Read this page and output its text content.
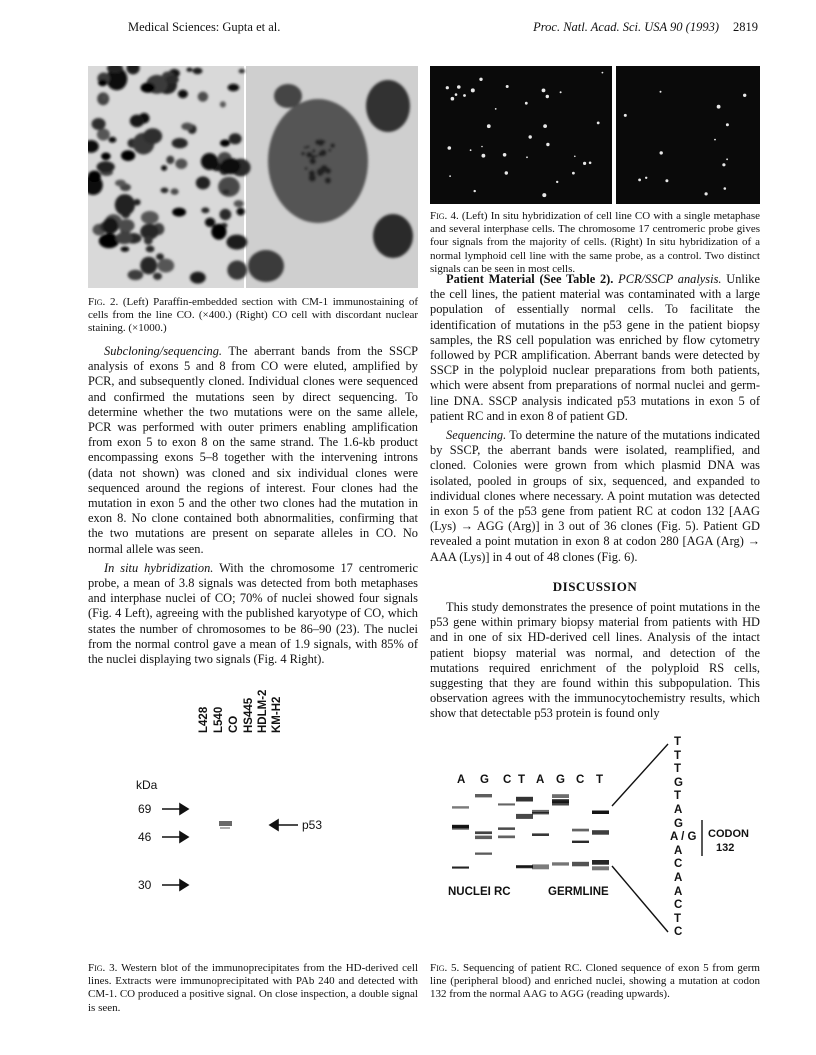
Medical Sciences: Gupta et al.	Proc. Natl. Acad. Sci. USA 90 (1993) 2819
Fig. 2. (Left) Paraffin-embedded section with CM-1 immunostaining of cells from the line CO. (×400.) (Right) CO cell with discordant nuclear staining. (×1000.)

Subcloning/sequencing. The aberrant bands from the SSCP analysis of exons 5 and 8 from CO were eluted, amplified by PCR, and subsequently cloned. Individual clones were sequenced and confirmed the mutations seen by direct sequencing. To determine whether the two mutations were on the same allele, PCR was performed with outer primers enabling amplification from exon 5 to exon 8 on the same strand. The 1.6-kb product encompassing exons 5–8 together with the intervening introns (data not shown) was cloned and six individual clones were sequenced around the regions of interest. Four clones had the mutation in exon 5 and the other two clones had the mutation in exon 8. No clone contained both abnormalities, confirming that the two mutations are present on separate alleles in CO. No normal allele was seen.

In situ hybridization. With the chromosome 17 centromeric probe, a mean of 3.8 signals was detected from both metaphases and interphase nuclei of CO; 70% of nuclei showed four signals (Fig. 4 Left), agreeing with the published karyotype of CO, which states the number of chromosomes to be 86–90 (23). The nuclei from the normal control gave a mean of 1.9 signals, with 85% of the nuclei displaying two signals (Fig. 4 Right).

L428 L540 CO HS445 HDLM-2 KM-H2
kDa
69
46
30
p53
Fig. 3. Western blot of the immunoprecipitates from the HD-derived cell lines. Extracts were immunoprecipitated with PAb 240 and detected with CM-1. CO produced a positive signal. On close inspection, a double signal is seen.
Fig. 4. (Left) In situ hybridization of cell line CO with a single metaphase and several interphase cells. The chromosome 17 centromeric probe gives four signals from the majority of cells. (Right) In situ hybridization of a normal lymphoid cell line with the same probe, as a control. Two distinct signals can be seen in most cells.

Patient Material (See Table 2). PCR/SSCP analysis. Unlike the cell lines, the patient material was contaminated with a large population of essentially normal cells. To facilitate the identification of mutations in the p53 gene in the patient biopsy samples, the RS cell population was enriched by flow cytometry followed by PCR amplification. Aberrant bands were detected by SSCP in the polyploid nuclear preparations from both patients, which were absent from preparations of normal nuclei and germ-line DNA. SSCP analysis indicated p53 mutations in exon 5 of patient RC and in exon 8 of patient GD.

Sequencing. To determine the nature of the mutations indicated by SSCP, the aberrant bands were isolated, reamplified, and cloned. Colonies were grown from which plasmid DNA was isolated, pooled in groups of six, sequenced, and expanded to individual clones where necessary. A point mutation was detected in exon 5 of the p53 gene from patient RC at codon 132 [AAG (Lys) → AGG (Arg)] in 3 out of 36 clones (Fig. 5). Patient GD revealed a point mutation in exon 8 at codon 280 [AGA (Arg) → AAA (Lys)] in 4 out of 48 clones (Fig. 6).

DISCUSSION

This study demonstrates the presence of point mutations in the p53 gene within primary biopsy material from patients with HD and in one of six HD-derived cell lines. Analysis of the intact patient biopsy material was normal, and detection of the mutations required enrichment of the polyploid RS cells, suggesting that they are found within this subpopulation. This observation agrees with the immunocytochemistry results, which show that detectable p53 protein is found only

A G C T A G C T
T
T
T
G
T
A
G
A / G
A
C
A
A
C
T
C
CODON
132
NUCLEI RC	GERMLINE
Fig. 5. Sequencing of patient RC. Cloned sequence of exon 5 from germ line (peripheral blood) and enriched nuclei, showing a mutation at codon 132 from the normal AAG to AGG (reading upwards).
